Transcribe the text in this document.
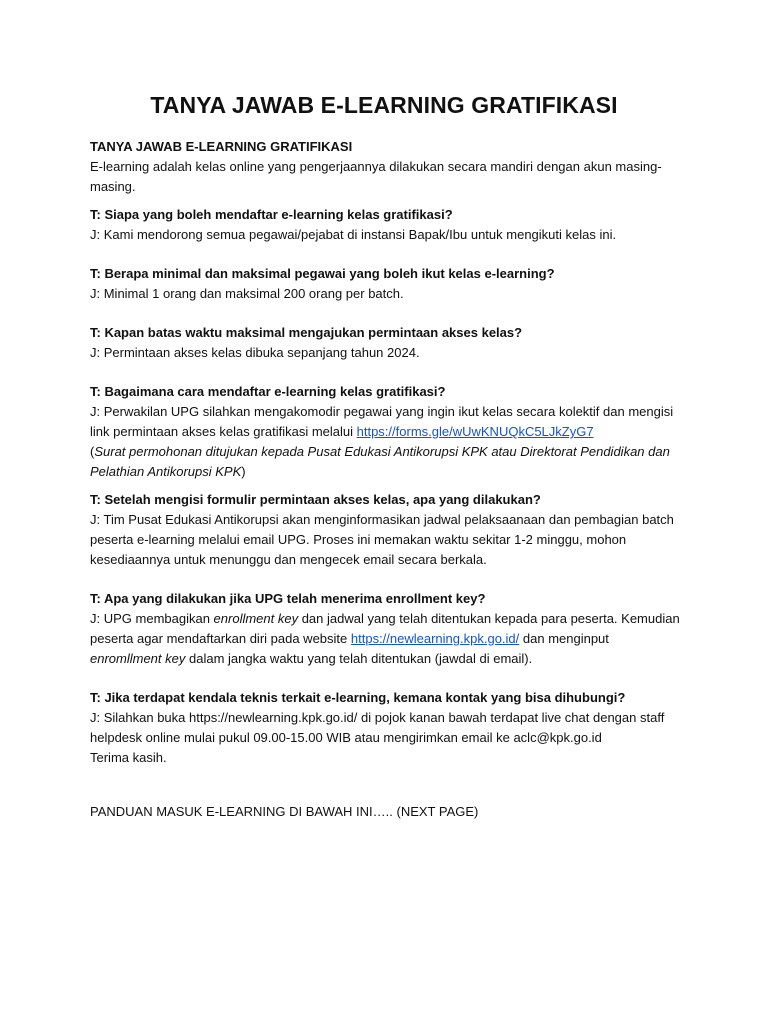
TANYA JAWAB E-LEARNING GRATIFIKASI

TANYA JAWAB E-LEARNING GRATIFIKASI

E-learning adalah kelas online yang pengerjaannya dilakukan secara mandiri dengan akun masing-masing.

T: Siapa yang boleh mendaftar e-learning kelas gratifikasi?

J: Kami mendorong semua pegawai/pejabat di instansi Bapak/Ibu untuk mengikuti kelas ini.

T: Berapa minimal dan maksimal pegawai yang boleh ikut kelas e-learning?

J: Minimal 1 orang dan maksimal 200 orang per batch.

T: Kapan batas waktu maksimal mengajukan permintaan akses kelas?

J: Permintaan akses kelas dibuka sepanjang tahun 2024.

T: Bagaimana cara mendaftar e-learning kelas gratifikasi?

J: Perwakilan UPG silahkan mengakomodir pegawai yang ingin ikut kelas secara kolektif dan mengisi link permintaan akses kelas gratifikasi melalui https://forms.gle/wUwKNUQkC5LJkZyG7

(Surat permohonan ditujukan kepada Pusat Edukasi Antikorupsi KPK atau Direktorat Pendidikan dan Pelathian Antikorupsi KPK)

T: Setelah mengisi formulir permintaan akses kelas, apa yang dilakukan?

J: Tim Pusat Edukasi Antikorupsi akan menginformasikan jadwal pelaksaanaan dan pembagian batch peserta e-learning melalui email UPG. Proses ini memakan waktu sekitar 1-2 minggu, mohon kesediaannya untuk menunggu dan mengecek email secara berkala.

T: Apa yang dilakukan jika UPG telah menerima enrollment key?

J: UPG membagikan enrollment key dan jadwal yang telah ditentukan kepada para peserta. Kemudian peserta agar mendaftarkan diri pada website https://newlearning.kpk.go.id/ dan menginput enromllment key dalam jangka waktu yang telah ditentukan (jawdal di email).

T: Jika terdapat kendala teknis terkait e-learning, kemana kontak yang bisa dihubungi?

J: Silahkan buka https://newlearning.kpk.go.id/ di pojok kanan bawah terdapat live chat dengan staff helpdesk online mulai pukul 09.00-15.00 WIB atau mengirimkan email ke aclc@kpk.go.id

Terima kasih.

PANDUAN MASUK E-LEARNING DI BAWAH INI….. (NEXT PAGE)
